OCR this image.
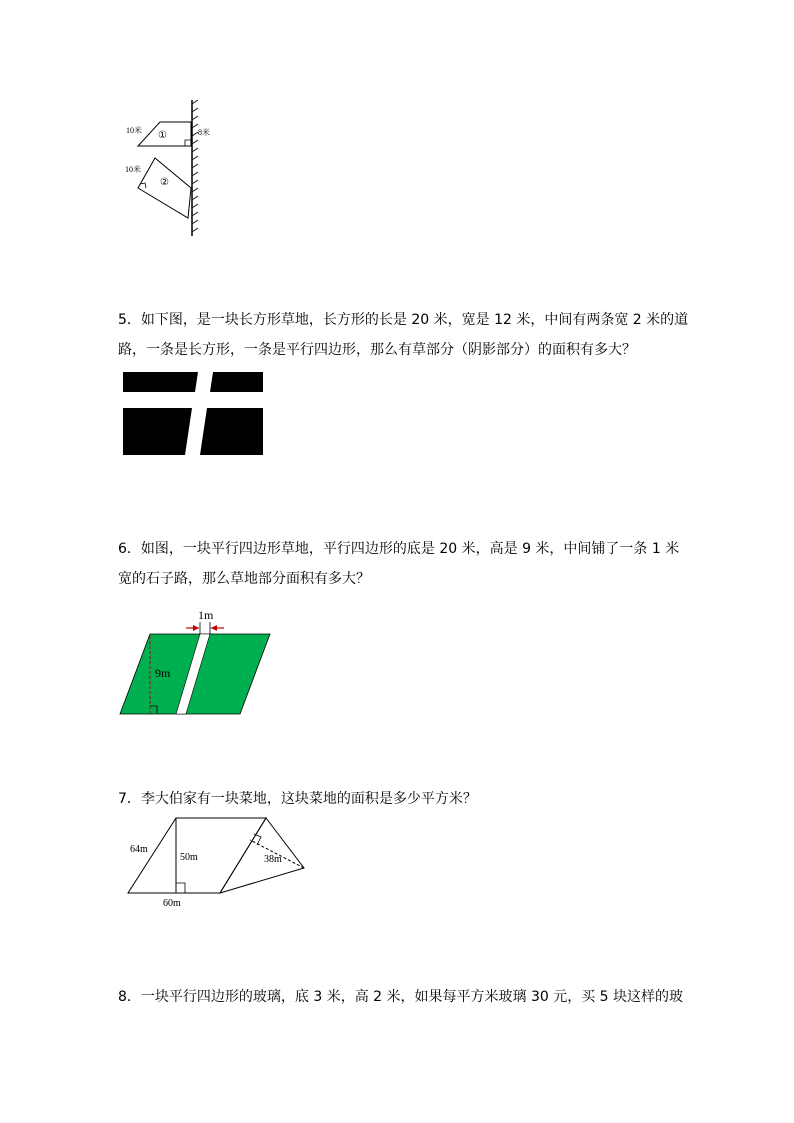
10米	8米
10米
①
②
5．如下图，是一块长方形草地，长方形的长是 20 米，宽是 12 米，中间有两条宽 2 米的道
路，一条是长方形，一条是平行四边形，那么有草部分（阴影部分）的面积有多大？
6．如图，一块平行四边形草地，平行四边形的底是 20 米，高是 9 米，中间铺了一条 1 米
宽的石子路，那么草地部分面积有多大？
1m
9m
7．李大伯家有一块菜地，这块菜地的面积是多少平方米？
64m
50m	38m
60m
8．一块平行四边形的玻璃，底 3 米，高 2 米，如果每平方米玻璃 30 元，买 5 块这样的玻
